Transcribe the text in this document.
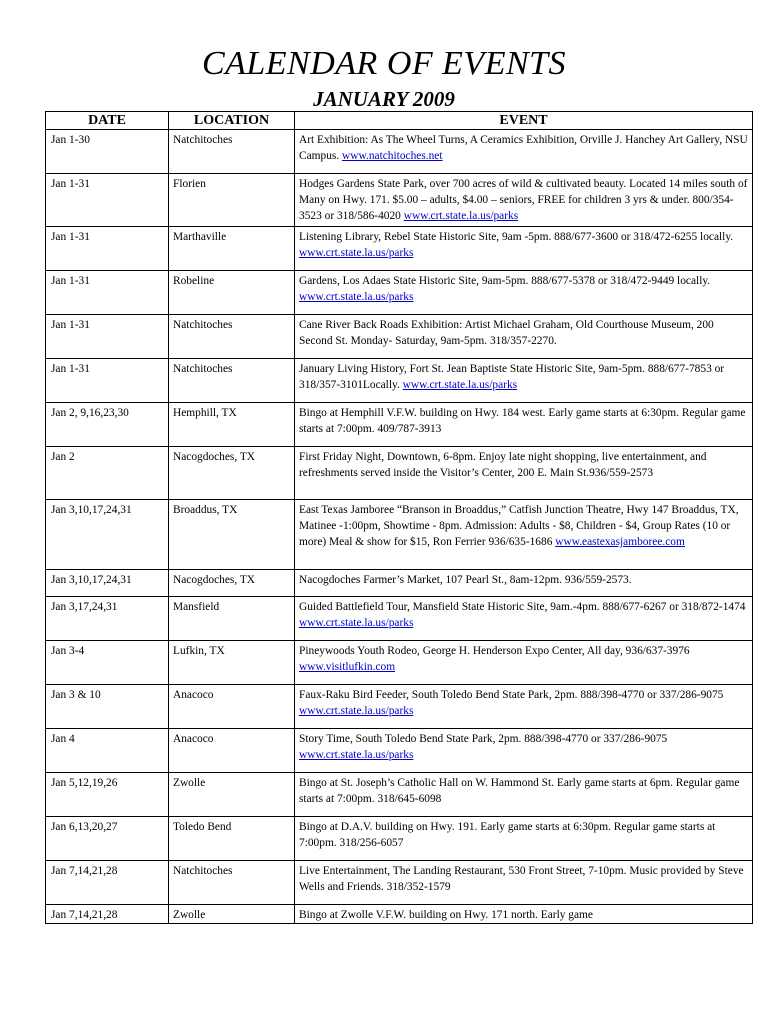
CALENDAR OF EVENTS
JANUARY 2009
DATE	LOCATION	EVENT
Jan 1-30	Natchitoches	Art Exhibition: As The Wheel Turns, A Ceramics Exhibition, Orville J. Hanchey Art Gallery, NSU Campus. www.natchitoches.net
Jan 1-31	Florien	Hodges Gardens State Park, over 700 acres of wild & cultivated beauty. Located 14 miles south of Many on Hwy. 171. $5.00 – adults, $4.00 – seniors, FREE for children 3 yrs & under. 800/354-3523 or 318/586-4020 www.crt.state.la.us/parks
Jan 1-31	Marthaville	Listening Library, Rebel State Historic Site, 9am -5pm. 888/677-3600 or 318/472-6255 locally. www.crt.state.la.us/parks
Jan 1-31	Robeline	Gardens, Los Adaes State Historic Site, 9am-5pm. 888/677-5378 or 318/472-9449 locally. www.crt.state.la.us/parks
Jan 1-31	Natchitoches	Cane River Back Roads Exhibition: Artist Michael Graham, Old Courthouse Museum, 200 Second St. Monday- Saturday, 9am-5pm. 318/357-2270.
Jan 1-31	Natchitoches	January Living History, Fort St. Jean Baptiste State Historic Site, 9am-5pm. 888/677-7853 or 318/357-3101Locally. www.crt.state.la.us/parks
Jan 2, 9,16,23,30	Hemphill, TX	Bingo at Hemphill V.F.W. building on Hwy. 184 west. Early game starts at 6:30pm. Regular game starts at 7:00pm. 409/787-3913
Jan 2	Nacogdoches, TX	First Friday Night, Downtown, 6-8pm. Enjoy late night shopping, live entertainment, and refreshments served inside the Visitor’s Center, 200 E. Main St.936/559-2573
Jan 3,10,17,24,31	Broaddus, TX	East Texas Jamboree “Branson in Broaddus,” Catfish Junction Theatre, Hwy 147 Broaddus, TX, Matinee -1:00pm, Showtime - 8pm. Admission: Adults - $8, Children - $4, Group Rates (10 or more) Meal & show for $15, Ron Ferrier 936/635-1686 www.eastexasjamboree.com
Jan 3,10,17,24,31	Nacogdoches, TX	Nacogdoches Farmer’s Market, 107 Pearl St., 8am-12pm. 936/559-2573.
Jan 3,17,24,31	Mansfield	Guided Battlefield Tour, Mansfield State Historic Site, 9am.-4pm. 888/677-6267 or 318/872-1474 www.crt.state.la.us/parks
Jan 3-4	Lufkin, TX	Pineywoods Youth Rodeo, George H. Henderson Expo Center, All day, 936/637-3976 www.visitlufkin.com
Jan 3 & 10	Anacoco	Faux-Raku Bird Feeder, South Toledo Bend State Park, 2pm. 888/398-4770 or 337/286-9075 www.crt.state.la.us/parks
Jan 4	Anacoco	Story Time, South Toledo Bend State Park, 2pm. 888/398-4770 or 337/286-9075 www.crt.state.la.us/parks
Jan 5,12,19,26	Zwolle	Bingo at St. Joseph’s Catholic Hall on W. Hammond St. Early game starts at 6pm. Regular game starts at 7:00pm. 318/645-6098
Jan 6,13,20,27	Toledo Bend	Bingo at D.A.V. building on Hwy. 191. Early game starts at 6:30pm. Regular game starts at 7:00pm. 318/256-6057
Jan 7,14,21,28	Natchitoches	Live Entertainment, The Landing Restaurant, 530 Front Street, 7-10pm. Music provided by Steve Wells and Friends. 318/352-1579
Jan 7,14,21,28	Zwolle	Bingo at Zwolle V.F.W. building on Hwy. 171 north. Early game
